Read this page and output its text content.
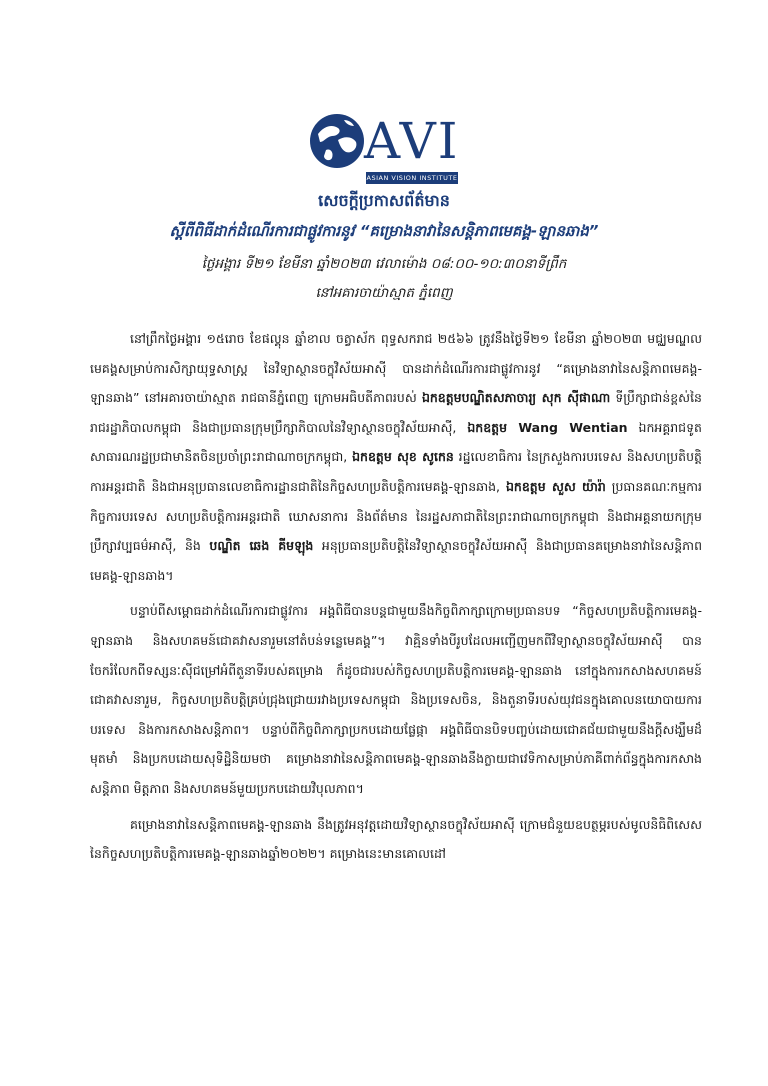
AVI
ASIAN VISION INSTITUTE
សេចក្តីប្រកាសព័ត៌មាន
ស្តីពីពិធីដាក់ដំណើរការជាផ្លូវការនូវ “គម្រោងនាវានៃសន្តិភាពមេគង្គ-ឡានឆាង”
ថ្ងៃអង្គារ ទី២១ ខែមីនា ឆ្នាំ២០២៣ វេលាម៉ោង ០៨:០០-១០:៣០នាទីព្រឹក
នៅអគារចាយ៉ាស្មាត ភ្នំពេញ

នៅព្រឹកថ្ងៃអង្គារ ១៥រោច ខែផល្គុន ឆ្នាំខាល ចត្វាស័ក ពុទ្ធសករាជ ២៥៦៦ ត្រូវនឹងថ្ងៃទី២១ ខែមីនា ឆ្នាំ២០២៣ មជ្ឈមណ្ឌលមេគង្គសម្រាប់ការសិក្សាយុទ្ធសាស្រ្ត នៃវិទ្យាស្ថានចក្ខុវិស័យអាស៊ី បានដាក់ដំណើរការជាផ្លូវការនូវ “គម្រោងនាវានៃសន្តិភាពមេគង្គ-ឡានឆាង” នៅអគារចាយ៉ាស្មាត រាជធានីភ្នំពេញ ក្រោមអធិបតីភាពរបស់ ឯកឧត្តមបណ្ឌិតសភាចារ្យ សុក ស៊ីផាណា ទីប្រឹក្សាជាន់ខ្ពស់នៃរាជរដ្ឋាភិបាលកម្ពុជា និងជាប្រធានក្រុមប្រឹក្សាភិបាលនៃវិទ្យាស្ថានចក្ខុវិស័យអាស៊ី, ឯកឧត្តម Wang Wentian ឯកអគ្គរាជទូតសាធារណរដ្ឋប្រជាមានិតចិនប្រចាំព្រះរាជាណាចក្រកម្ពុជា, ឯកឧត្តម សុខ សូកេន រដ្ឋលេខាធិការ នៃក្រសួងការបរទេស និងសហប្រតិបត្តិការអន្តរជាតិ និងជាអនុប្រធានលេខាធិការដ្ឋានជាតិនៃកិច្ចសហប្រតិបត្តិការមេគង្គ-ឡានឆាង, ឯកឧត្តម សួស យ៉ារ៉ា ប្រធានគណៈកម្មការកិច្ចការបរទេស សហប្រតិបត្តិការអន្តរជាតិ ឃោសនាការ និងព័ត៌មាន នៃរដ្ឋសភាជាតិនៃព្រះរាជាណាចក្រកម្ពុជា និងជាអគ្គនាយកក្រុមប្រឹក្សាវប្បធម៌អាស៊ី, និង បណ្ឌិត ឆេង គីមឡុង អនុប្រធានប្រតិបត្តិនៃវិទ្យាស្ថានចក្ខុវិស័យអាស៊ី និងជាប្រធានគម្រោងនាវានៃសន្តិភាពមេគង្គ-ឡានឆាង។

បន្ទាប់ពីសម្ពោធដាក់ដំណើរការជាផ្លូវការ អង្គពិធីបានបន្តជាមួយនឹងកិច្ចពិភាក្សាក្រោមប្រធានបទ “កិច្ចសហប្រតិបត្តិការមេគង្គ-ឡានឆាង និងសហគមន៍ជោគវាសនារួមនៅតំបន់ទន្លេមេគង្គ”។ វាគ្មិនទាំងបីរូបដែលអញ្ជើញមកពីវិទ្យាស្ថានចក្ខុវិស័យអាស៊ី បានចែករំលែកពីទស្សនៈស៊ីជម្រៅអំពីតួនាទីរបស់គម្រោង ក៏ដូចជារបស់កិច្ចសហប្រតិបត្តិការមេគង្គ-ឡានឆាង នៅក្នុងការកសាងសហគមន៍ជោគវាសនារួម, កិច្ចសហប្រតិបត្តិគ្រប់ជ្រុងជ្រោយរវាងប្រទេសកម្ពុជា និងប្រទេសចិន, និងតួនាទីរបស់យុវជនក្នុងគោលនយោបាយការបរទេស និងការកសាងសន្តិភាព។ បន្ទាប់ពីកិច្ចពិភាក្សាប្រកបដោយផ្លែផ្កា អង្គពិធីបានបិទបញ្ចប់ដោយជោគជ័យជាមួយនឹងក្តីសង្ឃឹមដ៏មុតមាំ និងប្រកបដោយសុទិដ្ឋិនិយមថា គម្រោងនាវានៃសន្តិភាពមេគង្គ-ឡានឆាងនឹងក្លាយជាវេទិកាសម្រាប់ភាគីពាក់ព័ន្ធក្នុងការកសាងសន្តិភាព មិត្តភាព និងសហគមន៍មួយប្រកបដោយវិបុលភាព។

គម្រោងនាវានៃសន្តិភាពមេគង្គ-ឡានឆាង នឹងត្រូវអនុវត្តដោយវិទ្យាស្ថានចក្ខុវិស័យអាស៊ី ក្រោមជំនួយឧបត្ថម្ភរបស់មូលនិធិពិសេសនៃកិច្ចសហប្រតិបត្តិការមេគង្គ-ឡានឆាងឆ្នាំ២០២២។ គម្រោងនេះមានគោលដៅ
